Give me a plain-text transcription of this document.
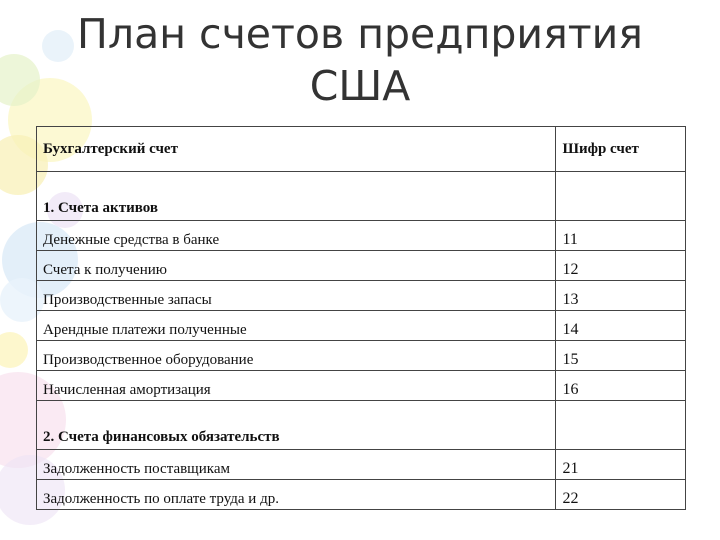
План счетов предприятия США
Бухгалтерский счет	Шифр счет
1. Счета активов	
Денежные средства в банке	11
Счета к получению	12
Производственные запасы	13
Арендные платежи полученные	14
Производственное оборудование	15
Начисленная амортизация	16
2. Счета финансовых обязательств	
Задолженность поставщикам	21
Задолженность по оплате труда и др.	22
